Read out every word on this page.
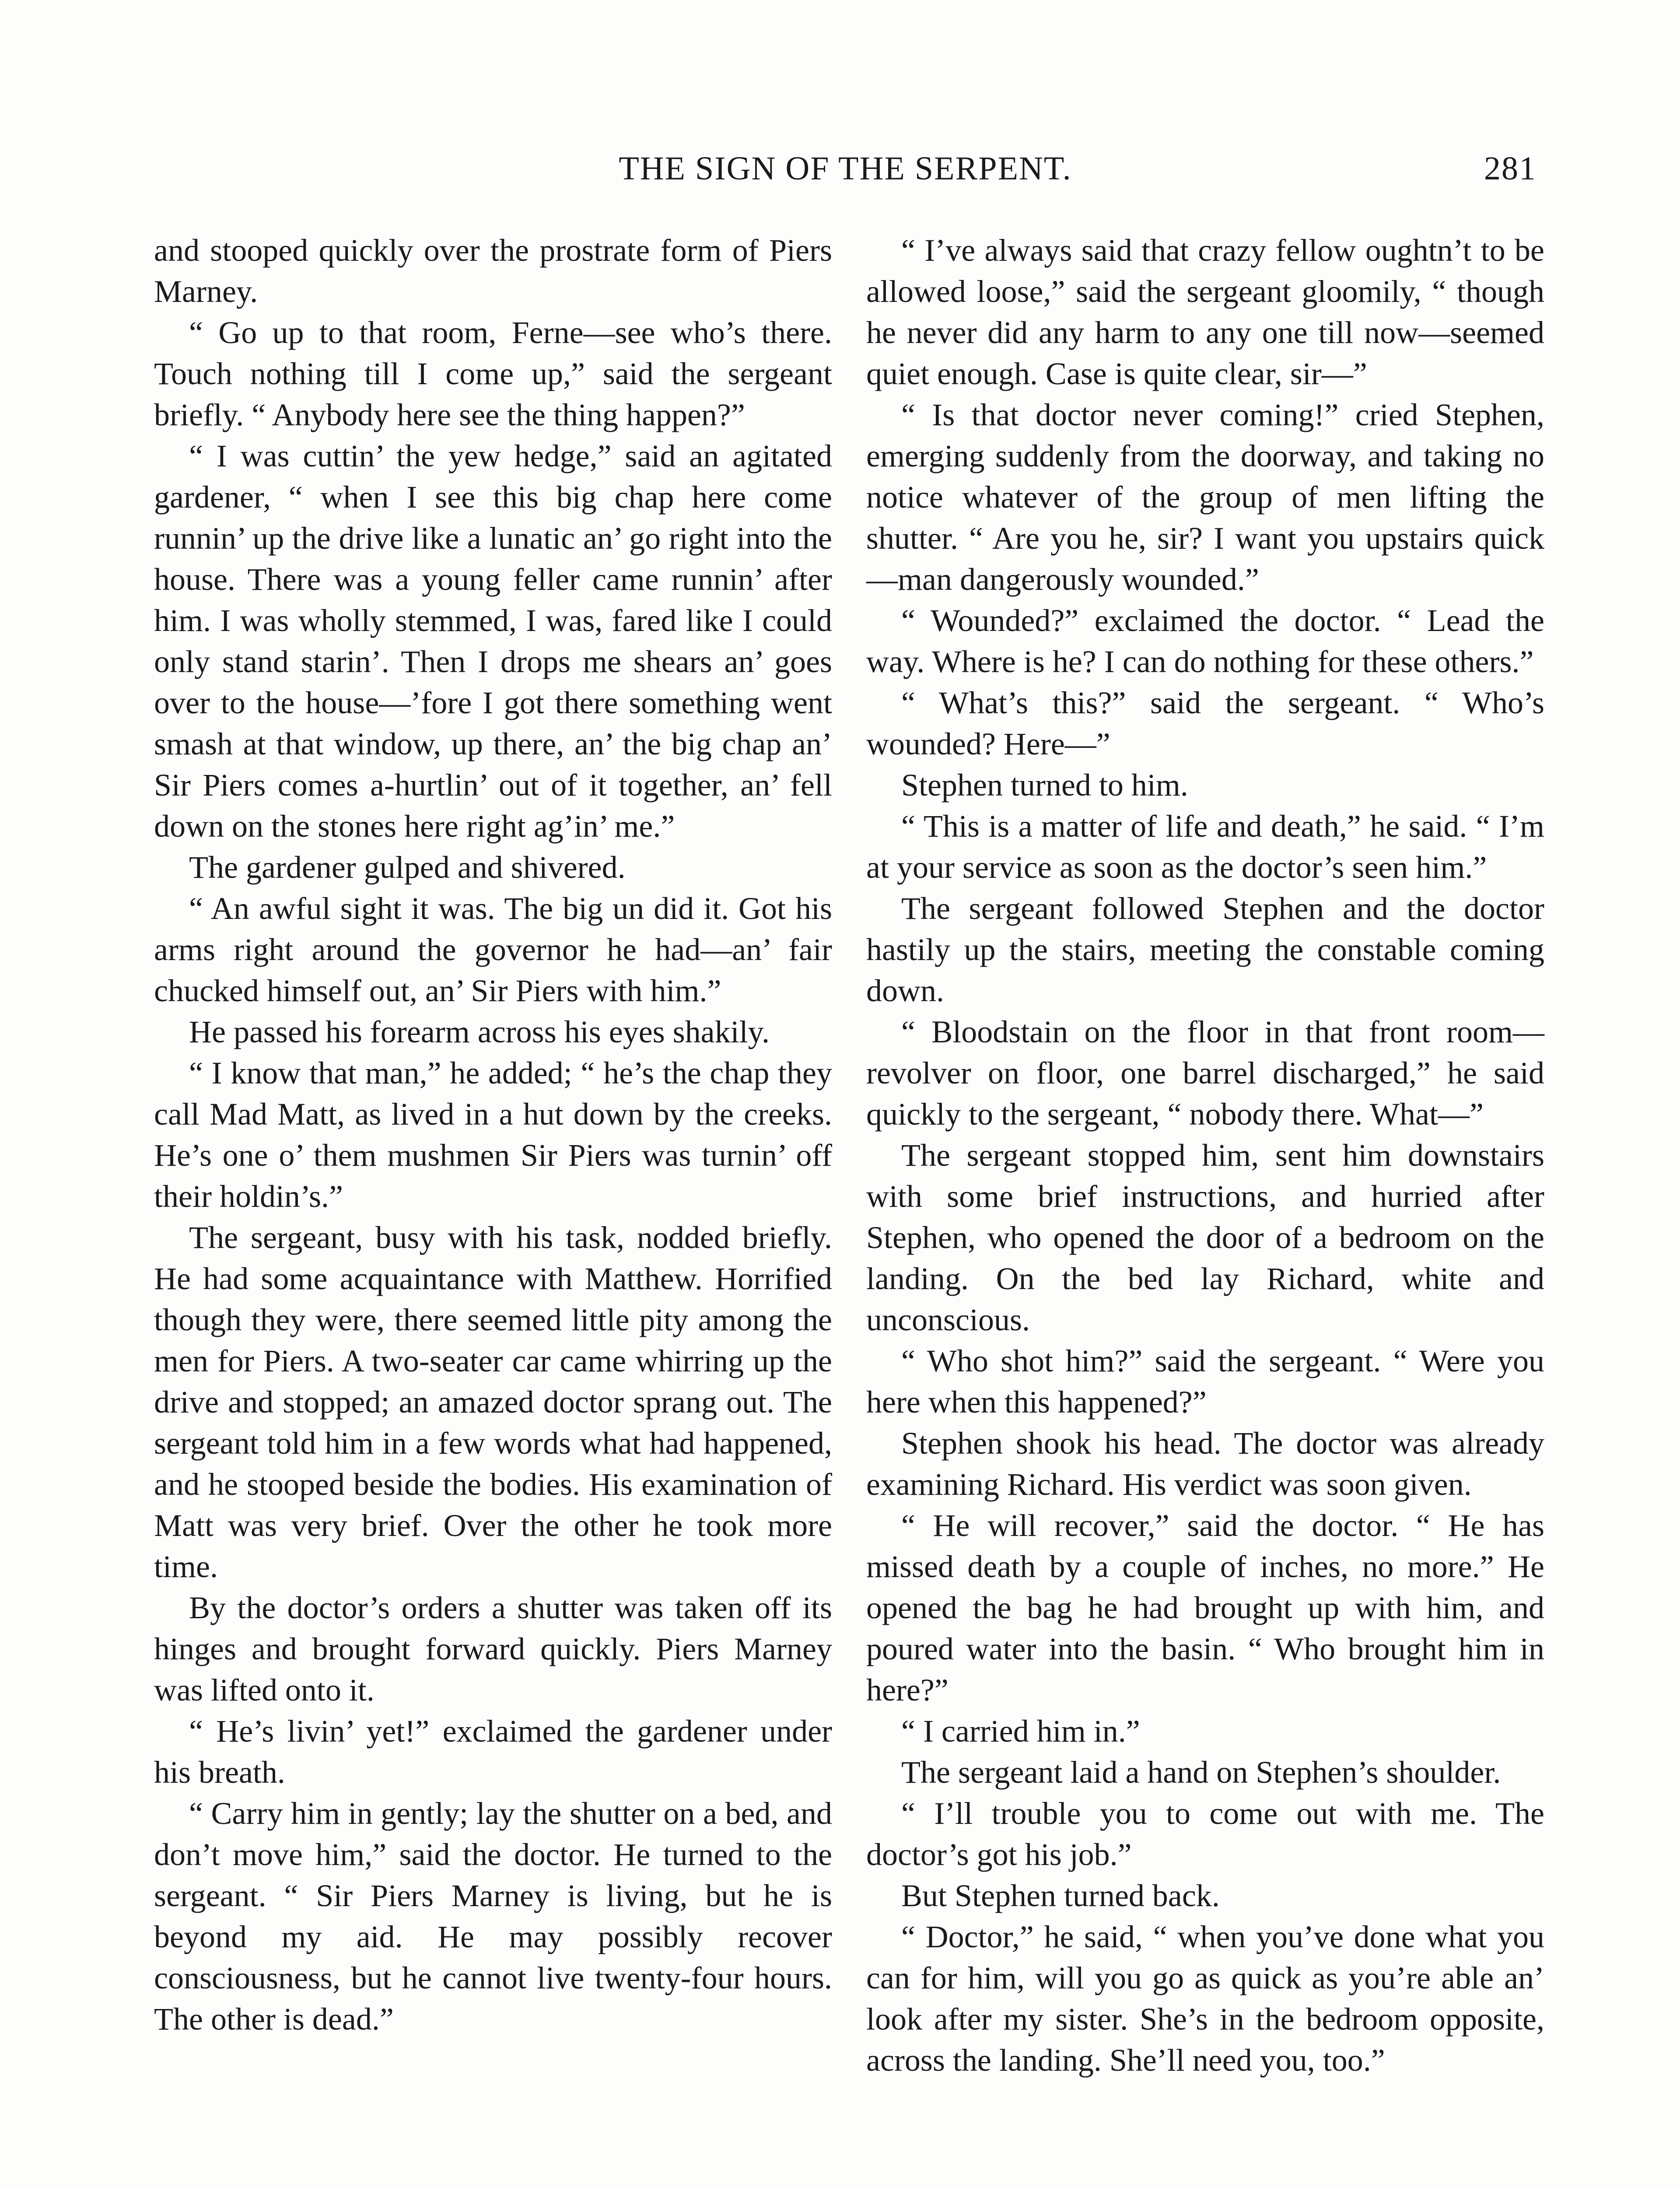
THE SIGN OF THE SERPENT.	281

and stooped quickly over the prostrate form of Piers Marney.

“ Go up to that room, Ferne—see who’s there. Touch nothing till I come up,” said the sergeant briefly. “ Anybody here see the thing happen?”

“ I was cuttin’ the yew hedge,” said an agitated gardener, “ when I see this big chap here come runnin’ up the drive like a lunatic an’ go right into the house. There was a young feller came runnin’ after him. I was wholly stemmed, I was, fared like I could only stand starin’. Then I drops me shears an’ goes over to the house—’fore I got there something went smash at that window, up there, an’ the big chap an’ Sir Piers comes a-hurtlin’ out of it together, an’ fell down on the stones here right ag’in’ me.”

The gardener gulped and shivered.

“ An awful sight it was. The big un did it. Got his arms right around the governor he had—an’ fair chucked himself out, an’ Sir Piers with him.”

He passed his forearm across his eyes shakily.

“ I know that man,” he added; “ he’s the chap they call Mad Matt, as lived in a hut down by the creeks. He’s one o’ them mushmen Sir Piers was turnin’ off their holdin’s.”

The sergeant, busy with his task, nodded briefly. He had some acquaintance with Matthew. Horrified though they were, there seemed little pity among the men for Piers. A two-seater car came whirring up the drive and stopped; an amazed doctor sprang out. The sergeant told him in a few words what had happened, and he stooped beside the bodies. His examination of Matt was very brief. Over the other he took more time.

By the doctor’s orders a shutter was taken off its hinges and brought forward quickly. Piers Marney was lifted onto it.

“ He’s livin’ yet!” exclaimed the gardener under his breath.

“ Carry him in gently; lay the shutter on a bed, and don’t move him,” said the doctor. He turned to the sergeant. “ Sir Piers Marney is living, but he is beyond my aid. He may possibly recover consciousness, but he cannot live twenty-four hours. The other is dead.”

“ I’ve always said that crazy fellow oughtn’t to be allowed loose,” said the sergeant gloomily, “ though he never did any harm to any one till now—seemed quiet enough. Case is quite clear, sir—”

“ Is that doctor never coming!” cried Stephen, emerging suddenly from the doorway, and taking no notice whatever of the group of men lifting the shutter. “ Are you he, sir? I want you upstairs quick—man dangerously wounded.”

“ Wounded?” exclaimed the doctor. “ Lead the way. Where is he? I can do nothing for these others.”

“ What’s this?” said the sergeant. “ Who’s wounded? Here—”

Stephen turned to him.

“ This is a matter of life and death,” he said. “ I’m at your service as soon as the doctor’s seen him.”

The sergeant followed Stephen and the doctor hastily up the stairs, meeting the constable coming down.

“ Bloodstain on the floor in that front room—revolver on floor, one barrel discharged,” he said quickly to the sergeant, “ nobody there. What—”

The sergeant stopped him, sent him downstairs with some brief instructions, and hurried after Stephen, who opened the door of a bedroom on the landing. On the bed lay Richard, white and unconscious.

“ Who shot him?” said the sergeant. “ Were you here when this happened?”

Stephen shook his head. The doctor was already examining Richard. His verdict was soon given.

“ He will recover,” said the doctor. “ He has missed death by a couple of inches, no more.” He opened the bag he had brought up with him, and poured water into the basin. “ Who brought him in here?”

“ I carried him in.”

The sergeant laid a hand on Stephen’s shoulder.

“ I’ll trouble you to come out with me. The doctor’s got his job.”

But Stephen turned back.

“ Doctor,” he said, “ when you’ve done what you can for him, will you go as quick as you’re able an’ look after my sister. She’s in the bedroom opposite, across the landing. She’ll need you, too.”
